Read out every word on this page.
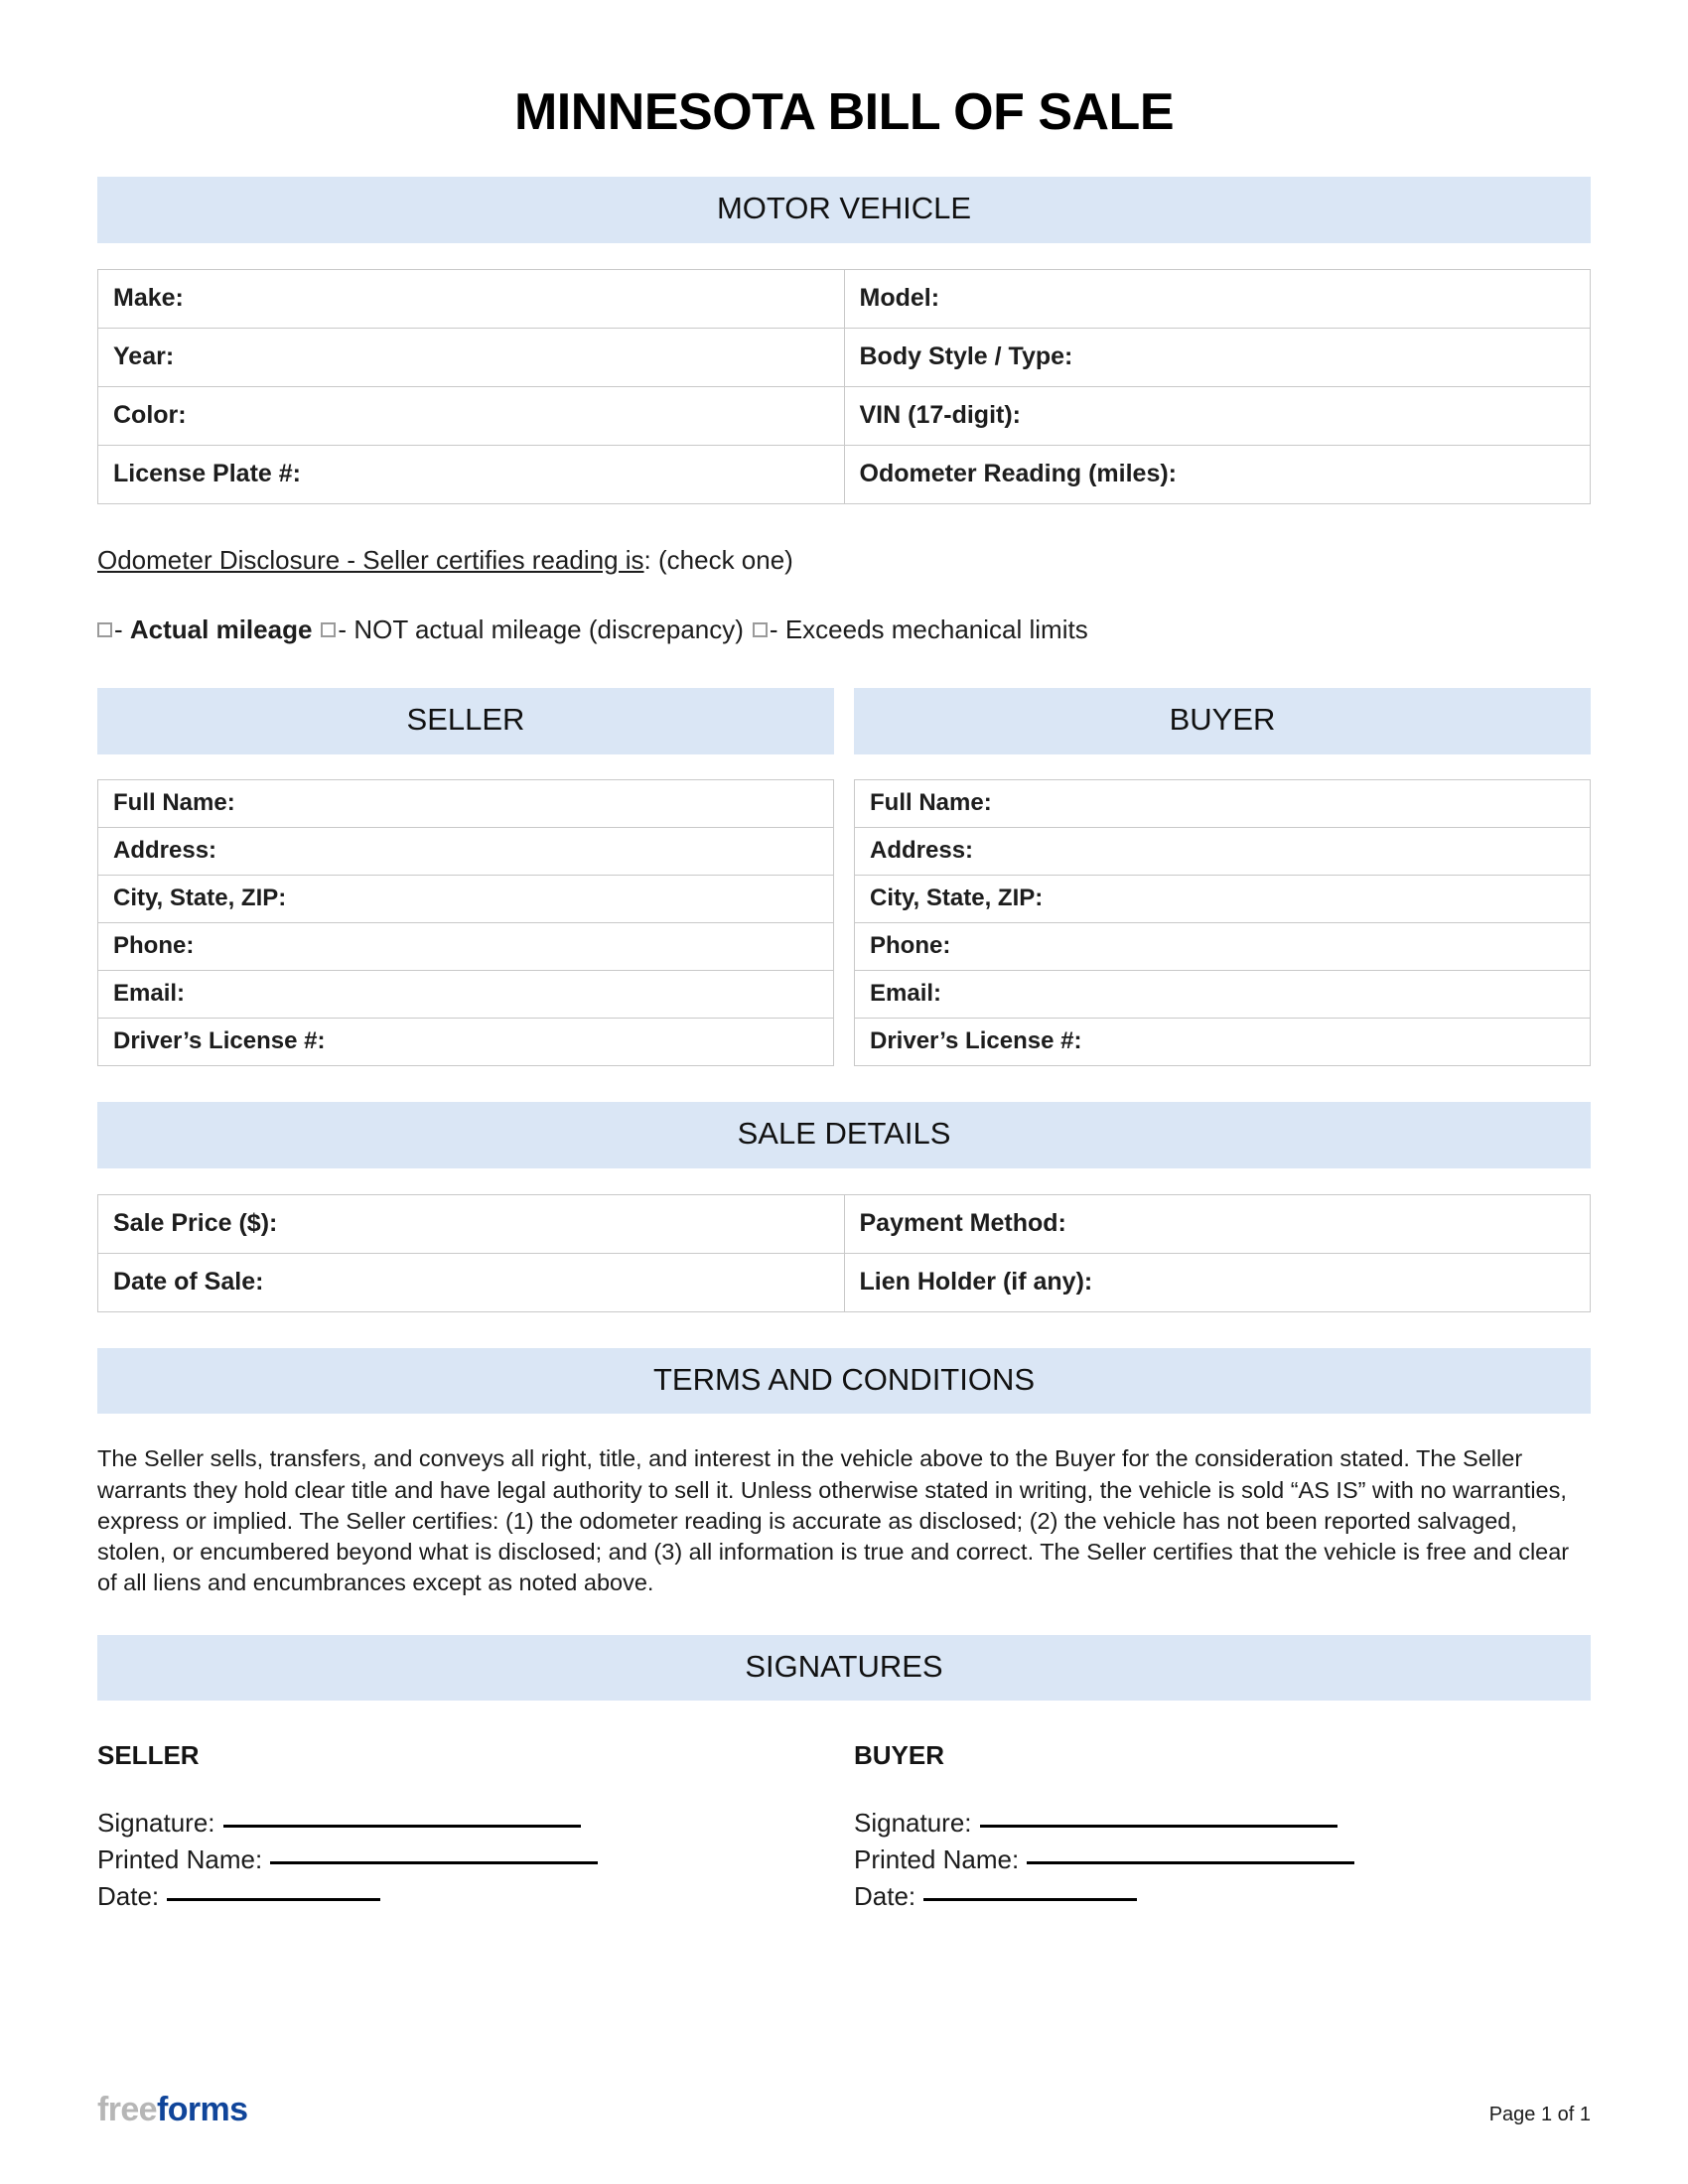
MINNESOTA BILL OF SALE
MOTOR VEHICLE
Make:	Model:
Year:	Body Style / Type:
Color:	VIN (17-digit):
License Plate #:	Odometer Reading (miles):
Odometer Disclosure - Seller certifies reading is: (check one)
- Actual mileage - NOT actual mileage (discrepancy) - Exceeds mechanical limits
SELLER
Full Name:
Address:
City, State, ZIP:
Phone:
Email:
Driver’s License #:
BUYER
Full Name:
Address:
City, State, ZIP:
Phone:
Email:
Driver’s License #:
SALE DETAILS
Sale Price ($):	Payment Method:
Date of Sale:	Lien Holder (if any):
TERMS AND CONDITIONS

The Seller sells, transfers, and conveys all right, title, and interest in the vehicle above to the Buyer for the consideration stated. The Seller warrants they hold clear title and have legal authority to sell it. Unless otherwise stated in writing, the vehicle is sold “AS IS” with no warranties, express or implied. The Seller certifies: (1) the odometer reading is accurate as disclosed; (2) the vehicle has not been reported salvaged, stolen, or encumbered beyond what is disclosed; and (3) all information is true and correct. The Seller certifies that the vehicle is free and clear of all liens and encumbrances except as noted above.

SIGNATURES
SELLER
Signature:
Printed Name:
Date:
BUYER
Signature:
Printed Name:
Date:
freeforms	Page 1 of 1
